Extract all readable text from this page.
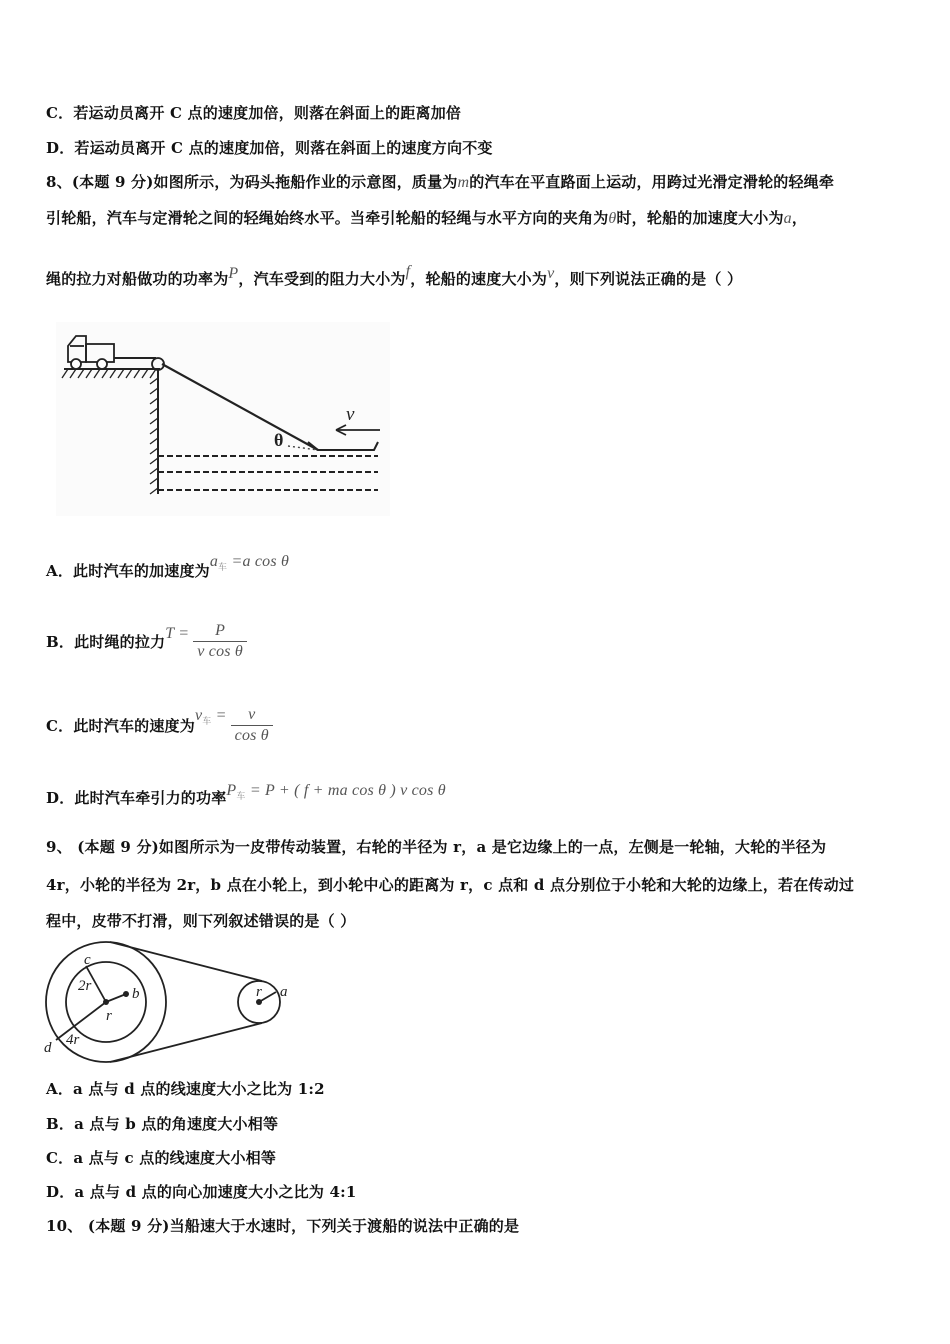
C．若运动员离开 C 点的速度加倍，则落在斜面上的距离加倍
D．若运动员离开 C 点的速度加倍，则落在斜面上的速度方向不变
8、(本题 9 分)如图所示，为码头拖船作业的示意图，质量为m的汽车在平直路面上运动，用跨过光滑定滑轮的轻绳牵
引轮船，汽车与定滑轮之间的轻绳始终水平。当牵引轮船的轻绳与水平方向的夹角为θ时，轮船的加速度大小为a，
绳的拉力对船做功的功率为P，汽车受到的阻力大小为f，轮船的速度大小为v，则下列说法正确的是（ ）
θ
v
A．此时汽车的加速度为$a_车 =a$ cos θ
B．此时绳的拉力$T = \frac{P}{\text{v cos θ}}$
C．此时汽车的速度为$v_车 = \frac{v}{\text{cos θ}}$
D．此时汽车牵引力的功率$P_车 = P$ + ( f + ma cos θ ) v cos θ
9、 (本题 9 分)如图所示为一皮带传动装置，右轮的半径为 r，a 是它边缘上的一点，左侧是一轮轴，大轮的半径为
4r，小轮的半径为 2r，b 点在小轮上，到小轮中心的距离为 r，c 点和 d 点分别位于小轮和大轮的边缘上，若在传动过
程中，皮带不打滑，则下列叙述错误的是（ ）
c
2r	b
r
d 4r
r a
A．a 点与 d 点的线速度大小之比为 1:2
B．a 点与 b 点的角速度大小相等
C．a 点与 c 点的线速度大小相等
D．a 点与 d 点的向心加速度大小之比为 4:1
10、 (本题 9 分)当船速大于水速时，下列关于渡船的说法中正确的是
